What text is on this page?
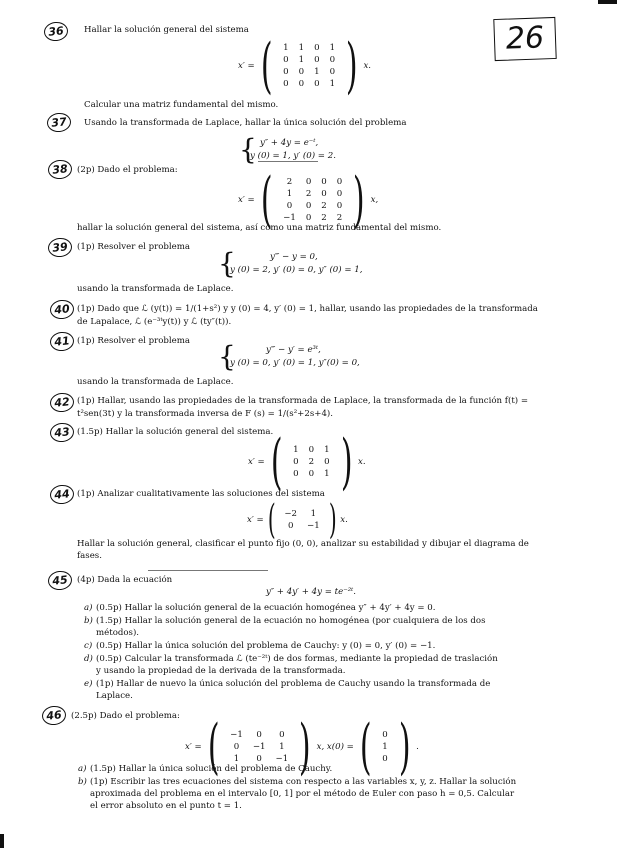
26
36	Hallar la solución general del sistema
x′ = (	1	1	0	1
0	1	0	0
0	0	1	0
0	0	0	1 ) x.
Calcular una matriz fundamental del mismo.
37	Usando la transformada de Laplace, hallar la única solución del problema
{ y″ + 4y = e⁻ᵗ,
y (0) = 1, y′ (0) = 2.
38	(2p) Dado el problema:
x′ = (	2	0	0	0
1	2	0	0
0	0	2	0
−1	0	2	2 ) x,
hallar la solución general del sistema, así como una matriz fundamental del mismo.
39	(1p) Resolver el problema {	y‴ − y = 0,
y (0) = 2, y′ (0) = 0, y″ (0) = 1,
usando la transformada de Laplace.
40 (1p) Dado que ℒ (y(t)) = 1/(1+s²) y y (0) = 4, y′ (0) = 1, hallar, usando las propiedades de la transformada
de Lapalace, ℒ (e⁻³ᵗy(t)) y ℒ (ty″(t)).
41 (1p) Resolver el problema {	y‴ − y′ = e³ᵗ,
y (0) = 0, y′ (0) = 1, y″(0) = 0,
usando la transformada de Laplace.
42 (1p) Hallar, usando las propiedades de la transformada de Laplace, la transformada de la función f(t) =
t²sen(3t) y la transformada inversa de F (s) = 1/(s²+2s+4).
43 (1.5p) Hallar la solución general del sistema.
x′ = (	1	0	1
0	2	0
0	0	1 ) x.
44 (1p) Analizar cualitativamente las soluciones del sistema
x′ = (	−2	1
0	−1 ) x.
Hallar la solución general, clasificar el punto fijo (0, 0), analizar su estabilidad y dibujar el diagrama de
fases.
45	(4p) Dada la ecuación
y″ + 4y′ + 4y = te⁻²ᵗ.
a) (0.5p) Hallar la solución general de la ecuación homogénea y″ + 4y′ + 4y = 0.
b) (1.5p) Hallar la solución general de la ecuación no homogénea (por cualquiera de los dos
métodos).
c) (0.5p) Hallar la única solución del problema de Cauchy: y (0) = 0, y′ (0) = −1.
d) (0.5p) Calcular la transformada ℒ (te⁻²ᵗ) de dos formas, mediante la propiedad de traslación
y usando la propiedad de la derivada de la transformada.
e) (1p) Hallar de nuevo la única solución del problema de Cauchy usando la transformada de
Laplace.
46	(2.5p) Dado el problema:
x′ = (	−1	0	0
0	−1	1
1	0	−1 ) x, x(0) = (	0
1
0 ) .
a) (1.5p) Hallar la única solución del problema de Cauchy.
b) (1p) Escribir las tres ecuaciones del sistema con respecto a las variables x, y, z. Hallar la solución
aproximada del problema en el intervalo [0, 1] por el método de Euler con paso h = 0,5. Calcular
el error absoluto en el punto t = 1.
